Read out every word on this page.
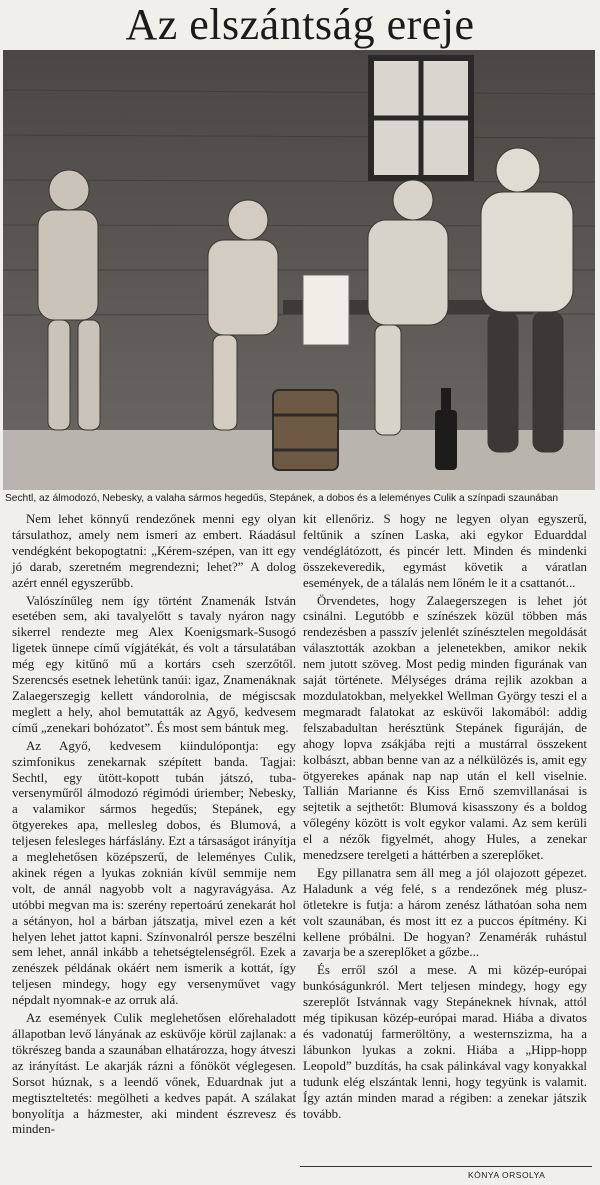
Az elszántság ereje
Sechtl, az álmodozó, Nebesky, a valaha sármos hegedűs, Stepánek, a dobos és a leleményes Culik a színpadi szaunában

Nem lehet könnyű rendezőnek menni egy olyan társulathoz, amely nem ismeri az embert. Ráadásul vendégként bekopogtatni: „Kérem-szépen, van itt egy jó darab, szeretném megrendezni; lehet?” A dolog azért ennél egyszerűbb.

Valószínűleg nem így történt Znamenák István esetében sem, aki tavalyelőtt s tavaly nyáron nagy sikerrel rendezte meg Alex Koenigsmark-Susogó ligetek ünnepe című vígjátékát, és volt a társulatában még egy kitűnő mű a kortárs cseh szerzőtől. Szerencsés esetnek lehetünk tanúi: igaz, Znamenáknak Zalaegerszegig kellett vándorolnia, de mégiscsak meglett a hely, ahol bemutatták az Agyő, kedvesem című „zenekari bohózatot”. És most sem bántuk meg.

Az Agyő, kedvesem kiindulópontja: egy szimfonikus zenekarnak szépített banda. Tagjai: Sechtl, egy ütött-kopott tubán játszó, tuba-versenyműről álmodozó régimódi úriember; Nebesky, a valamikor sármos hegedűs; Stepánek, egy ötgyerekes apa, mellesleg dobos, és Blumová, a teljesen felesleges hárfáslány. Ezt a társaságot irányítja a meglehetősen középszerű, de leleményes Culik, akinek régen a lyukas zoknián kívül semmije nem volt, de annál nagyobb volt a nagyravágyása. Az utóbbi megvan ma is: szerény repertoárú zenekarát hol a sétányon, hol a bárban játszatja, mivel ezen a két helyen lehet jattot kapni. Színvonalról persze beszélni sem lehet, annál inkább a tehetségtelenségről. Ezek a zenészek példának okáért nem ismerik a kottát, így teljesen mindegy, hogy egy versenyművet vagy népdalt nyomnak-e az orruk alá.

Az események Culik meglehetősen előrehaladott állapotban levő lányának az esküvője körül zajlanak: a tökrészeg banda a szaunában elhatározza, hogy átveszi az irányítást. Le akarják rázni a főnököt véglegesen. Sorsot húznak, s a leendő vőnek, Eduardnak jut a megtiszteltetés: megölheti a kedves papát. A szálakat bonyolítja a házmester, aki mindent észrevesz és minden-

kit ellenőriz. S hogy ne legyen olyan egyszerű, feltűnik a színen Laska, aki egykor Eduarddal vendéglátózott, és pincér lett. Minden és mindenki összekeveredik, egymást követik a váratlan események, de a tálalás nem lőném le it a csattanót...

Örvendetes, hogy Zalaegerszegen is lehet jót csinálni. Legutóbb e színészek közül többen más rendezésben a passzív jelenlét színésztelen megoldását választották azokban a jelenetekben, amikor nekik nem jutott szöveg. Most pedig minden figurának van saját története. Mélységes dráma rejlik azokban a mozdulatokban, melyekkel Wellman György teszi el a megmaradt falatokat az esküvői lakomából: addig felszabadultan herésztünk Stepánek figuráján, de ahogy lopva zsákjába rejti a mustárral összekent kolbászt, abban benne van az a nélkülözés is, amit egy ötgyerekes apának nap nap után el kell viselnie. Tallián Marianne és Kiss Ernő szemvillanásai is sejtetik a sejthetőt: Blumová kisasszony és a boldog vőlegény között is volt egykor valami. Az sem kerüli el a nézők figyelmét, ahogy Hules, a zenekar menedzsere terelgeti a háttérben a szereplőket.

Egy pillanatra sem áll meg a jól olajozott gépezet. Haladunk a vég felé, s a rendezőnek még plusz-ötletekre is futja: a három zenész láthatóan soha nem volt szaunában, és most itt ez a puccos építmény. Ki kellene próbálni. De hogyan? Zenamérák ruhástul zavarja be a szereplőket a gőzbe...

És erről szól a mese. A mi közép-európai bunkóságunkról. Mert teljesen mindegy, hogy egy szereplőt Istvánnak vagy Stepáneknek hívnak, attól még tipikusan közép-európai marad. Hiába a divatos és vadonatúj farmeröltöny, a westernszizma, ha a lábunkon lyukas a zokni. Hiába a „Hipp-hopp Leopold” buzdítás, ha csak pálinkával vagy konyakkal tudunk elég elszántak lenni, hogy tegyünk is valamit. Így aztán minden marad a régiben: a zenekar játszik tovább.

KÓNYA ORSOLYA
